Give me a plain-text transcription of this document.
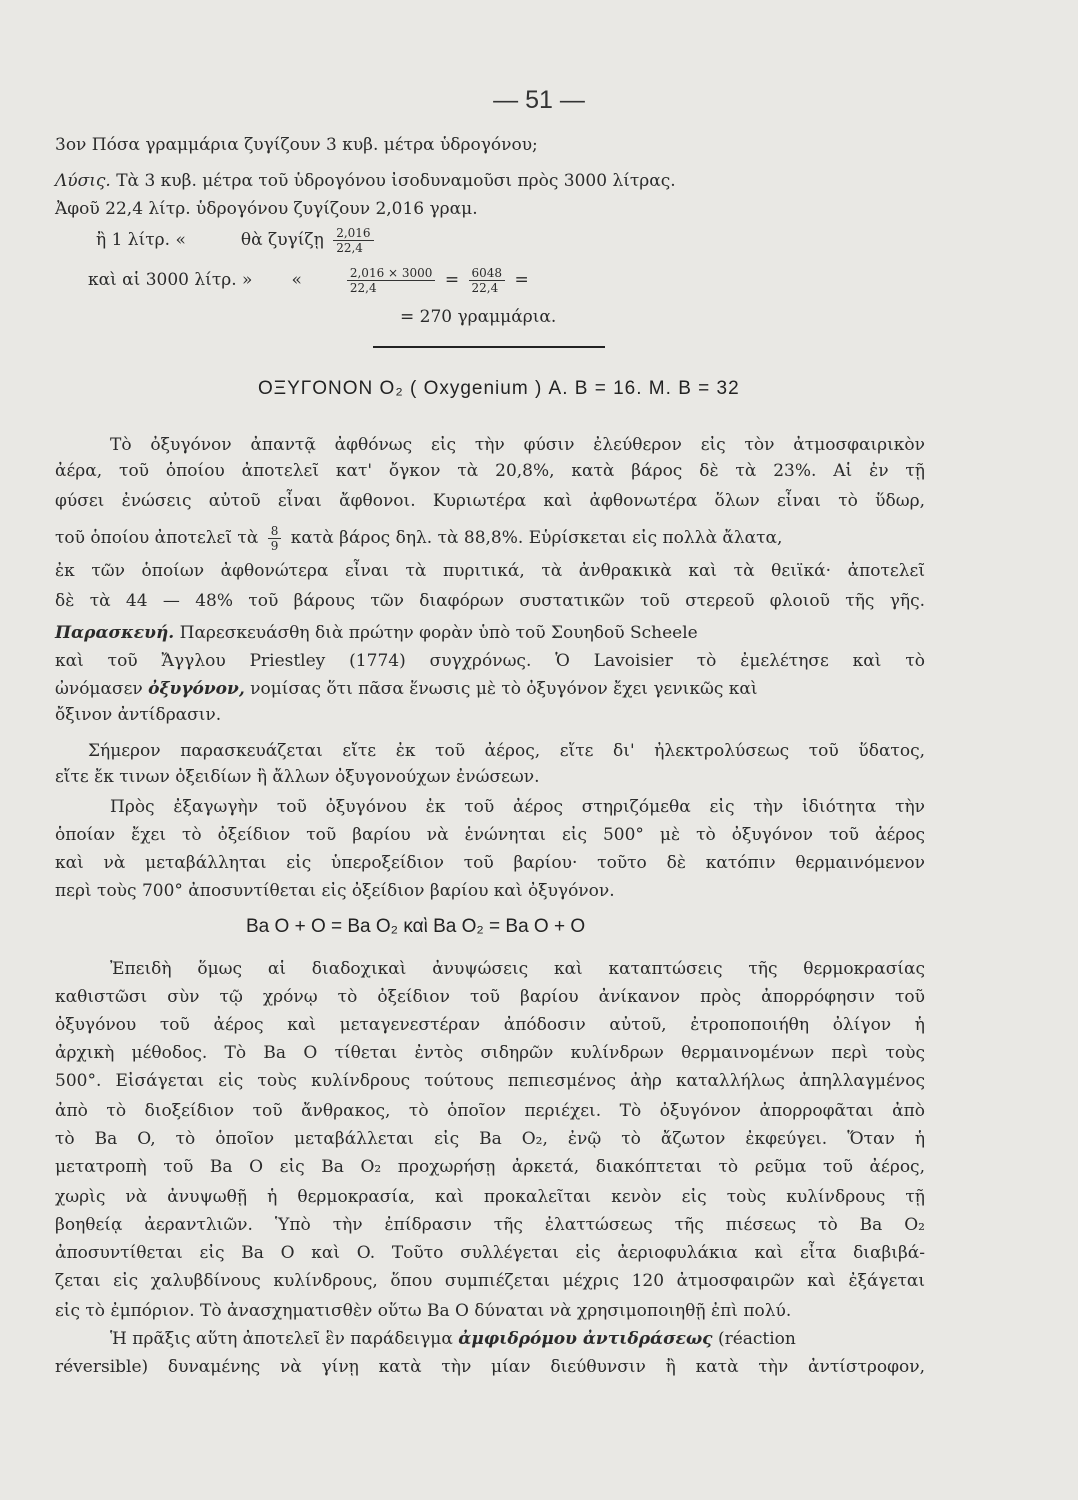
— 51 —
3ον Πόσα γραμμάρια ζυγίζουν 3 κυβ. μέτρα ὑδρογόνου;
Λύσις. Τὰ 3 κυβ. μέτρα τοῦ ὑδρογόνου ἰσοδυναμοῦσι πρὸς 3000 λίτρας.
Ἀφοῦ 22,4 λίτρ. ὑδρογόνου ζυγίζουν 2,016 γραμ.
ἢ 1 λίτρ. «	θὰ ζυγίζῃ $\frac{2,016}{22,4}$
καὶ αἱ 3000 λίτρ. » «	$\frac{2,016 \times 3000}{22,4} = \frac{6048}{22,4}$ =
= 270 γραμμάρια.
ΟΞΥΓΟΝΟΝ O₂ ( Oxygenium ) Α. Β = 16. Μ. Β = 32
Τὸ ὀξυγόνον ἀπαντᾷ ἀφθόνως εἰς τὴν φύσιν ἐλεύθερον εἰς τὸν ἀτμοσφαιρικὸν
ἀέρα, τοῦ ὁποίου ἀποτελεῖ κατ' ὄγκον τὰ 20,8%, κατὰ βάρος δὲ τὰ 23%. Αἱ ἐν τῇ
φύσει ἐνώσεις αὐτοῦ εἶναι ἄφθονοι. Κυριωτέρα καὶ ἀφθονωτέρα ὅλων εἶναι τὸ ὕδωρ,
τοῦ ὁποίου ἀποτελεῖ τὰ $\frac{8}{9}$ κατὰ βάρος δηλ. τὰ 88,8%. Εὑρίσκεται εἰς πολλὰ ἄλατα,
ἐκ τῶν ὁποίων ἀφθονώτερα εἶναι τὰ πυριτικά, τὰ ἀνθρακικὰ καὶ τὰ θειϊκά· ἀποτελεῖ
δὲ τὰ 44 — 48% τοῦ βάρους τῶν διαφόρων συστατικῶν τοῦ στερεοῦ φλοιοῦ τῆς γῆς.
Παρασκευή. Παρεσκευάσθη διὰ πρώτην φορὰν ὑπὸ τοῦ Σουηδοῦ Scheele
καὶ τοῦ Ἄγγλου Priestley (1774) συγχρόνως. Ὁ Lavoisier τὸ ἐμελέτησε καὶ τὸ
ὠνόμασεν ὀξυγόνον, νομίσας ὅτι πᾶσα ἕνωσις μὲ τὸ ὀξυγόνον ἔχει γενικῶς καὶ
ὄξινον ἀντίδρασιν.
Σήμερον παρασκευάζεται εἴτε ἐκ τοῦ ἀέρος, εἴτε δι' ἠλεκτρολύσεως τοῦ ὕδατος,
εἴτε ἔκ τινων ὀξειδίων ἢ ἄλλων ὀξυγονούχων ἐνώσεων.
Πρὸς ἐξαγωγὴν τοῦ ὀξυγόνου ἐκ τοῦ ἀέρος στηριζόμεθα εἰς τὴν ἰδιότητα τὴν
ὁποίαν ἔχει τὸ ὀξείδιον τοῦ βαρίου νὰ ἑνώνηται εἰς 500° μὲ τὸ ὀξυγόνον τοῦ ἀέρος
καὶ νὰ μεταβάλληται εἰς ὑπεροξείδιον τοῦ βαρίου· τοῦτο δὲ κατόπιν θερμαινόμενον
περὶ τοὺς 700° ἀποσυντίθεται εἰς ὀξείδιον βαρίου καὶ ὀξυγόνον.
Ba O + O = Ba O₂ καὶ Ba O₂ = Ba O + O
Ἐπειδὴ ὅμως αἱ διαδοχικαὶ ἀνυψώσεις καὶ καταπτώσεις τῆς θερμοκρασίας
καθιστῶσι σὺν τῷ χρόνῳ τὸ ὀξείδιον τοῦ βαρίου ἀνίκανον πρὸς ἀπορρόφησιν τοῦ
ὀξυγόνου τοῦ ἀέρος καὶ μεταγενεστέραν ἀπόδοσιν αὐτοῦ, ἐτροποποιήθη ὀλίγον ἡ
ἀρχικὴ μέθοδος. Τὸ Ba O τίθεται ἐντὸς σιδηρῶν κυλίνδρων θερμαινομένων περὶ τοὺς
500°. Εἰσάγεται εἰς τοὺς κυλίνδρους τούτους πεπιεσμένος ἀὴρ καταλλήλως ἀπηλλαγμένος
ἀπὸ τὸ διοξείδιον τοῦ ἄνθρακος, τὸ ὁποῖον περιέχει. Τὸ ὀξυγόνον ἀπορροφᾶται ἀπὸ
τὸ Ba O, τὸ ὁποῖον μεταβάλλεται εἰς Ba O₂, ἐνῷ τὸ ἄζωτον ἐκφεύγει. Ὅταν ἡ
μετατροπὴ τοῦ Ba O εἰς Ba O₂ προχωρήσῃ ἀρκετά, διακόπτεται τὸ ρεῦμα τοῦ ἀέρος,
χωρὶς νὰ ἀνυψωθῇ ἡ θερμοκρασία, καὶ προκαλεῖται κενὸν εἰς τοὺς κυλίνδρους τῇ
βοηθείᾳ ἀεραντλιῶν. Ὑπὸ τὴν ἐπίδρασιν τῆς ἐλαττώσεως τῆς πιέσεως τὸ Ba O₂
ἀποσυντίθεται εἰς Ba O καὶ O. Τοῦτο συλλέγεται εἰς ἀεριοφυλάκια καὶ εἶτα διαβιβά-
ζεται εἰς χαλυβδίνους κυλίνδρους, ὅπου συμπιέζεται μέχρις 120 ἀτμοσφαιρῶν καὶ ἐξάγεται
εἰς τὸ ἐμπόριον. Τὸ ἀνασχηματισθὲν οὕτω Ba O δύναται νὰ χρησιμοποιηθῇ ἐπὶ πολύ.
Ἡ πρᾶξις αὕτη ἀποτελεῖ ἓν παράδειγμα ἀμφιδρόμου ἀντιδράσεως (réaction
réversible) δυναμένης νὰ γίνῃ κατὰ τὴν μίαν διεύθυνσιν ἢ κατὰ τὴν ἀντίστροφον,
